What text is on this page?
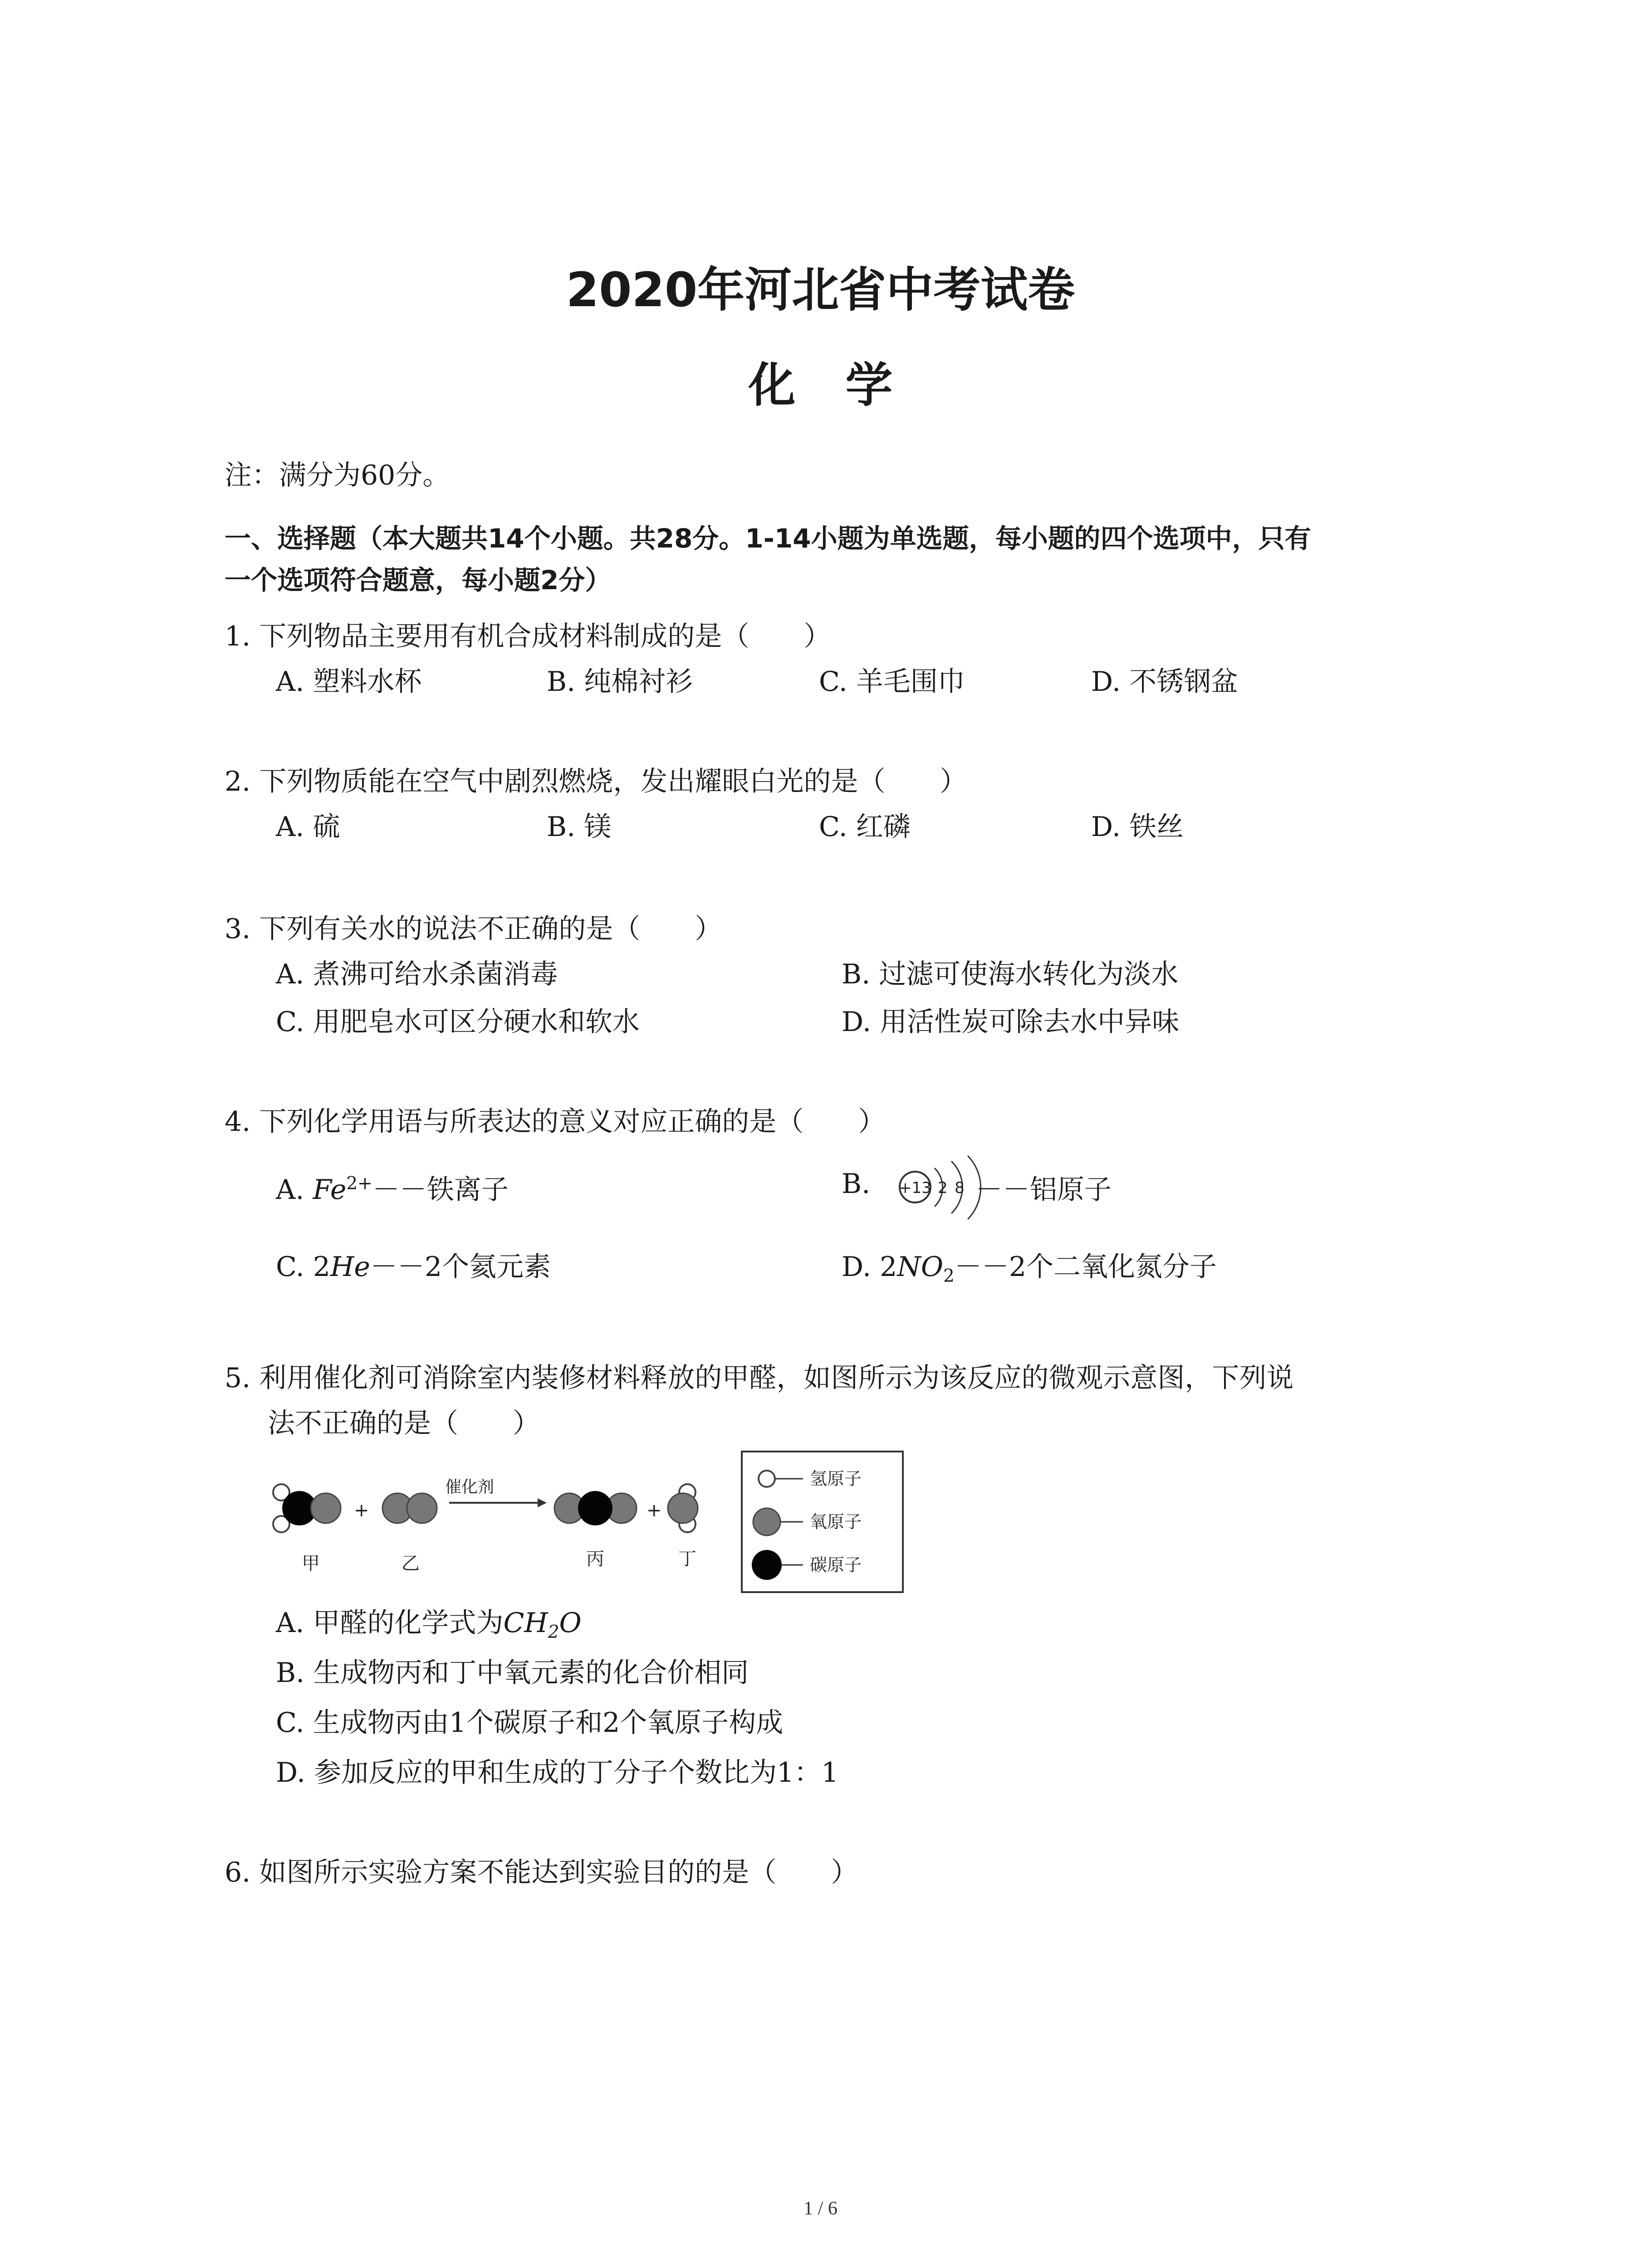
2020年河北省中考试卷
化学
注：满分为60分。
一、选择题（本大题共14个小题。共28分。1-14小题为单选题，每小题的四个选项中，只有
一个选项符合题意，每小题2分）
1. 下列物品主要用有机合成材料制成的是（　　）
A. 塑料水杯	B. 纯棉衬衫	C. 羊毛围巾	D. 不锈钢盆
2. 下列物质能在空气中剧烈燃烧，发出耀眼白光的是（　　）
A. 硫	B. 镁	C. 红磷	D. 铁丝
3. 下列有关水的说法不正确的是（　　）
A. 煮沸可给水杀菌消毒	B. 过滤可使海水转化为淡水
C. 用肥皂水可区分硬水和软水	D. 用活性炭可除去水中异味
4. 下列化学用语与所表达的意义对应正确的是（　　）
A. $Fe^{2+}--$铁离子	B. +13 2 8 －－铝原子
C. 2He－－2个氦元素	D. $2NO_2--2$个二氧化氮分子
5. 利用催化剂可消除室内装修材料释放的甲醛，如图所示为该反应的微观示意图，下列说
法不正确的是（　　）
+
催化剂
+
甲	乙	丙	丁
氢原子
氧原子
碳原子
A. 甲醛的化学式为$CH_2O$
B. 生成物丙和丁中氧元素的化合价相同
C. 生成物丙由1个碳原子和2个氧原子构成
D. 参加反应的甲和生成的丁分子个数比为1：1
6. 如图所示实验方案不能达到实验目的的是（　　）
1 / 6
